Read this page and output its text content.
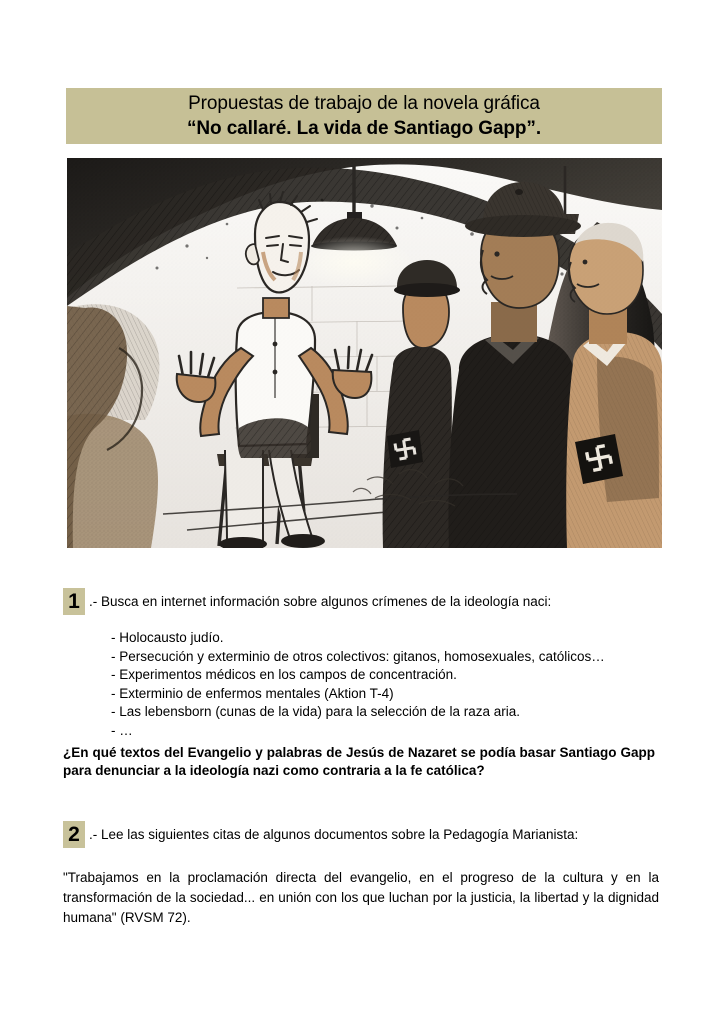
Propuestas de trabajo de la novela gráfica
“No callaré. La vida de Santiago Gapp”.
1 .- Busca en internet información sobre algunos crímenes de la ideología naci:
- Holocausto judío.
- Persecución y exterminio de otros colectivos: gitanos, homosexuales, católicos…
- Experimentos médicos en los campos de concentración.
- Exterminio de enfermos mentales (Aktion T-4)
- Las lebensborn (cunas de la vida) para la selección de la raza aria.
- …
¿En qué textos del Evangelio y palabras de Jesús de Nazaret se podía basar Santiago Gapp para denunciar a la ideología nazi como contraria a la fe católica?
2 .- Lee las siguientes citas de algunos documentos sobre la Pedagogía Marianista:
"Trabajamos en la proclamación directa del evangelio, en el progreso de la cultura y en la transformación de la sociedad... en unión con los que luchan por la justicia, la libertad y la dignidad humana" (RVSM 72).
